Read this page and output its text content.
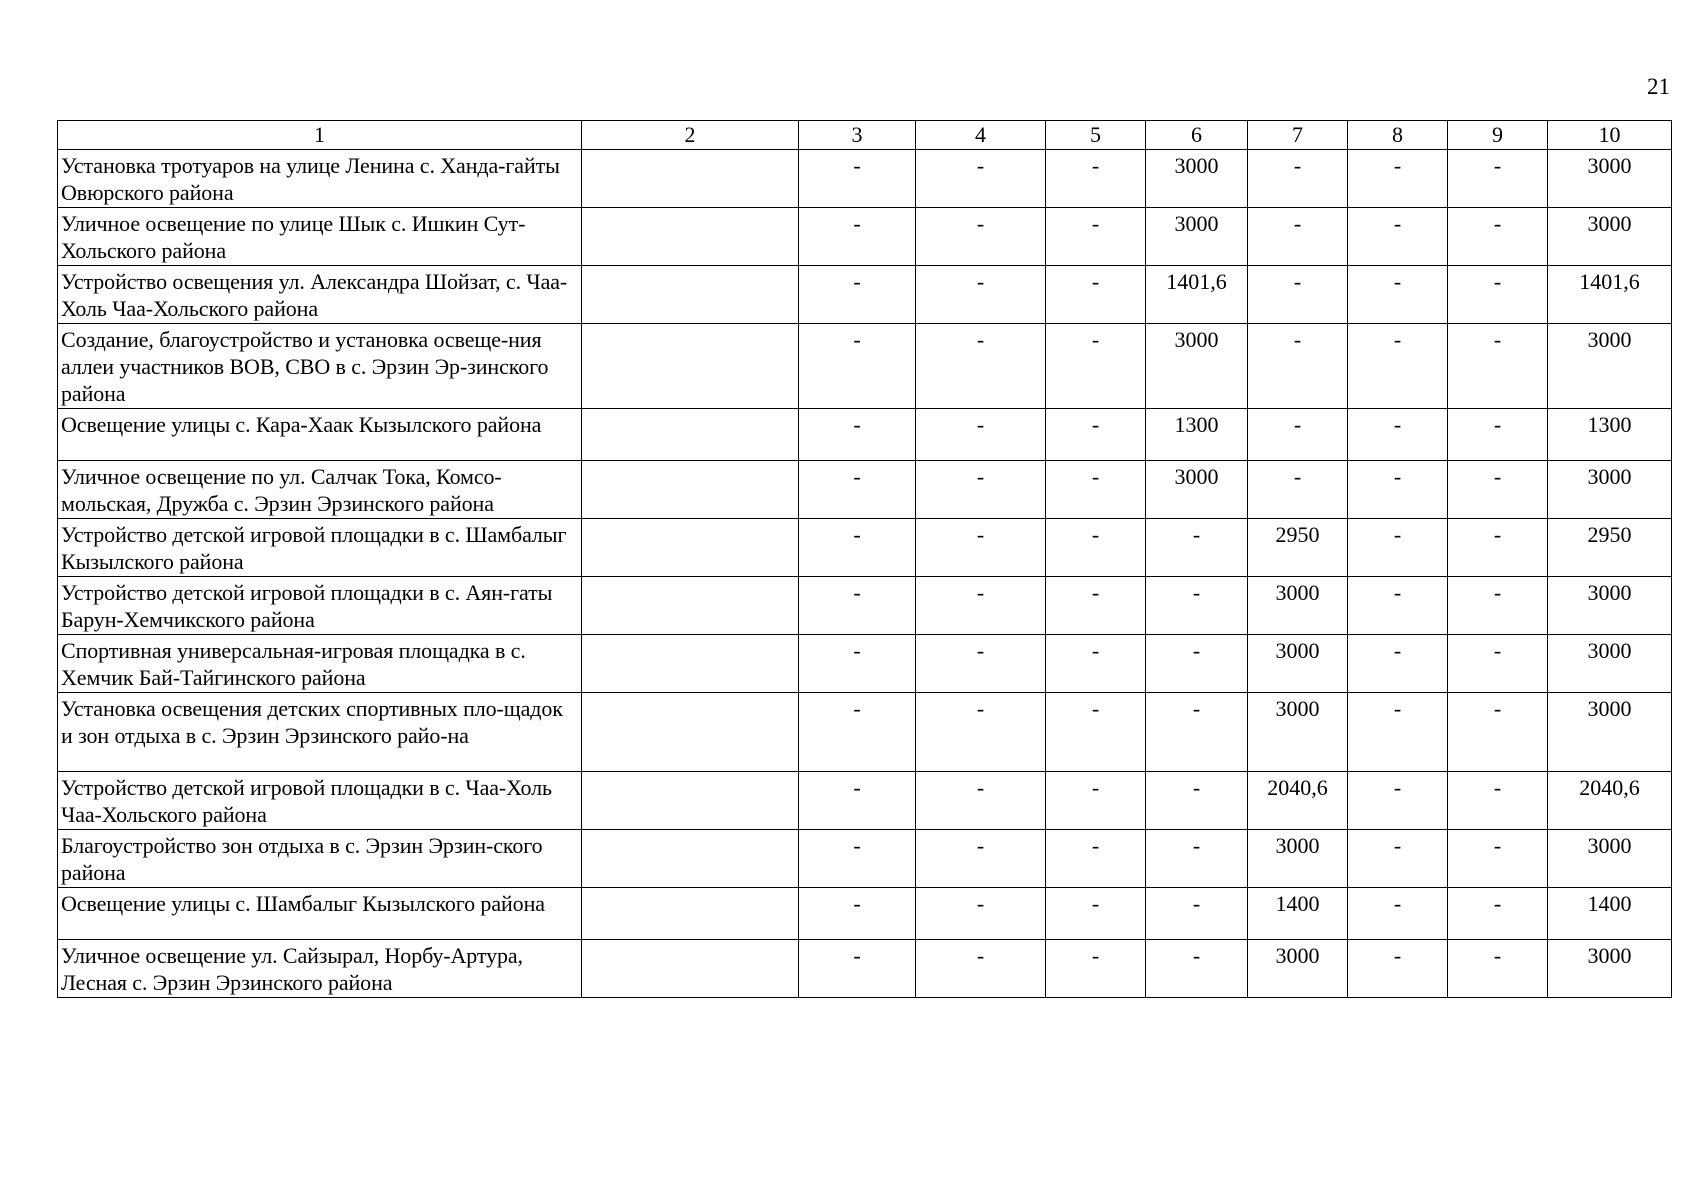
21
1	2	3	4	5	6	7	8	9	10
Установка тротуаров на улице Ленина с. Ханда-гайты Овюрского района		-	-	-	3000	-	-	-	3000
Уличное освещение по улице Шык с. Ишкин Сут-Хольского района		-	-	-	3000	-	-	-	3000
Устройство освещения ул. Александра Шойзат, с. Чаа-Холь Чаа-Хольского района		-	-	-	1401,6	-	-	-	1401,6
Создание, благоустройство и установка освеще-ния аллеи участников ВОВ, СВО в с. Эрзин Эр-зинского района		-	-	-	3000	-	-	-	3000
Освещение улицы с. Кара-Хаак Кызылского района		-	-	-	1300	-	-	-	1300
Уличное освещение по ул. Салчак Тока, Комсо-мольская, Дружба с. Эрзин Эрзинского района		-	-	-	3000	-	-	-	3000
Устройство детской игровой площадки в с. Шамбалыг Кызылского района		-	-	-	-	2950	-	-	2950
Устройство детской игровой площадки в с. Аян-гаты Барун-Хемчикского района		-	-	-	-	3000	-	-	3000
Спортивная универсальная-игровая площадка в с. Хемчик Бай-Тайгинского района		-	-	-	-	3000	-	-	3000
Установка освещения детских спортивных пло-щадок и зон отдыха в с. Эрзин Эрзинского райо-на		-	-	-	-	3000	-	-	3000
Устройство детской игровой площадки в с. Чаа-Холь Чаа-Хольского района		-	-	-	-	2040,6	-	-	2040,6
Благоустройство зон отдыха в с. Эрзин Эрзин-ского района		-	-	-	-	3000	-	-	3000
Освещение улицы с. Шамбалыг Кызылского района		-	-	-	-	1400	-	-	1400
Уличное освещение ул. Сайзырал, Норбу-Артура, Лесная с. Эрзин Эрзинского района		-	-	-	-	3000	-	-	3000
